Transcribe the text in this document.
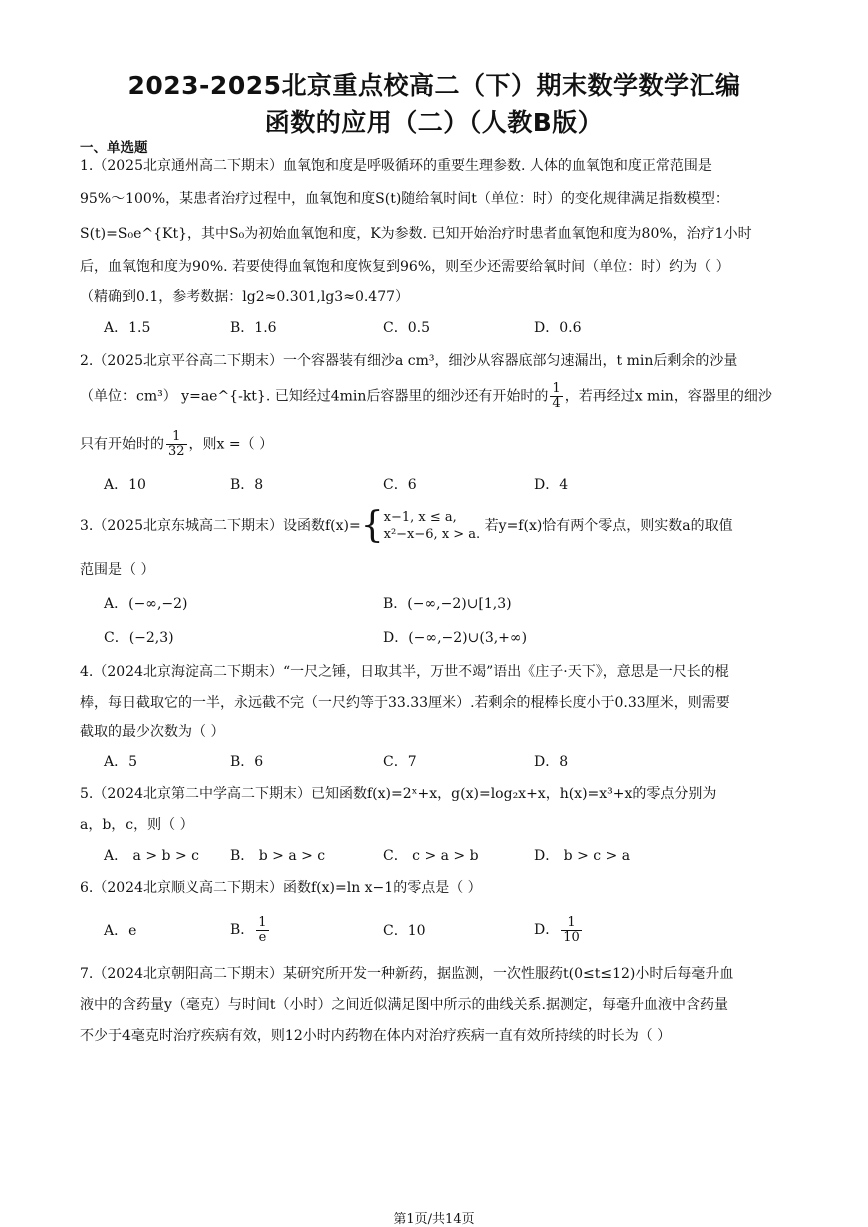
2023-2025北京重点校高二（下）期末数学数学汇编
函数的应用（二）（人教B版）
一、单选题
1.（2025北京通州高二下期末）血氧饱和度是呼吸循环的重要生理参数. 人体的血氧饱和度正常范围是
95%～100%，某患者治疗过程中，血氧饱和度S(t)随给氧时间t（单位：时）的变化规律满足指数模型：
S(t)=S₀e^{Kt}，其中S₀为初始血氧饱和度，K为参数. 已知开始治疗时患者血氧饱和度为80%，治疗1小时
后，血氧饱和度为90%. 若要使得血氧饱和度恢复到96%，则至少还需要给氧时间（单位：时）约为（ ）
（精确到0.1，参考数据：lg2≈0.301,lg3≈0.477）
A．1.5	B．1.6	C．0.5	D．0.6
2.（2025北京平谷高二下期末）一个容器装有细沙a cm³，细沙从容器底部匀速漏出，t min后剩余的沙量
（单位：cm³） y=ae^{-kt}. 已知经过4min后容器里的细沙还有开始时的 $\frac{1}{4}$ ，若再经过x min，容器里的细沙
只有开始时的 $\frac{1}{32}$ ，则x =（ ）
A．10	B．8	C．6	D．4
3.（2025北京东城高二下期末）设函数f(x)={ x−1, x ≤ a,
x²−x−6, x > a.
若y=f(x)恰有两个零点，则实数a的取值
范围是（ ）
A．(−∞,−2)	B．(−∞,−2)∪[1,3)
C．(−2,3)	D．(−∞,−2)∪(3,+∞)
4.（2024北京海淀高二下期末）“一尺之锤，日取其半，万世不竭”语出《庄子·天下》，意思是一尺长的棍
棒，每日截取它的一半，永远截不完（一尺约等于33.33厘米）.若剩余的棍棒长度小于0.33厘米，则需要
截取的最少次数为（ ）
A．5	B．6	C．7	D．8
5.（2024北京第二中学高二下期末）已知函数f(x)=2ˣ+x，g(x)=log₂x+x，h(x)=x³+x的零点分别为
a，b，c，则（ ）
A． a > b > c B． b > a > c	C． c > a > b	D． b > c > a
6.（2024北京顺义高二下期末）函数f(x)=ln x−1的零点是（ ）
A．e	B． $\frac{1}{e}$	C．10	D． $\frac{1}{10}$
7.（2024北京朝阳高二下期末）某研究所开发一种新药，据监测，一次性服药t(0≤t≤12)小时后每毫升血
液中的含药量y（毫克）与时间t（小时）之间近似满足图中所示的曲线关系.据测定，每毫升血液中含药量
不少于4毫克时治疗疾病有效，则12小时内药物在体内对治疗疾病一直有效所持续的时长为（ ）
第1页/共14页
